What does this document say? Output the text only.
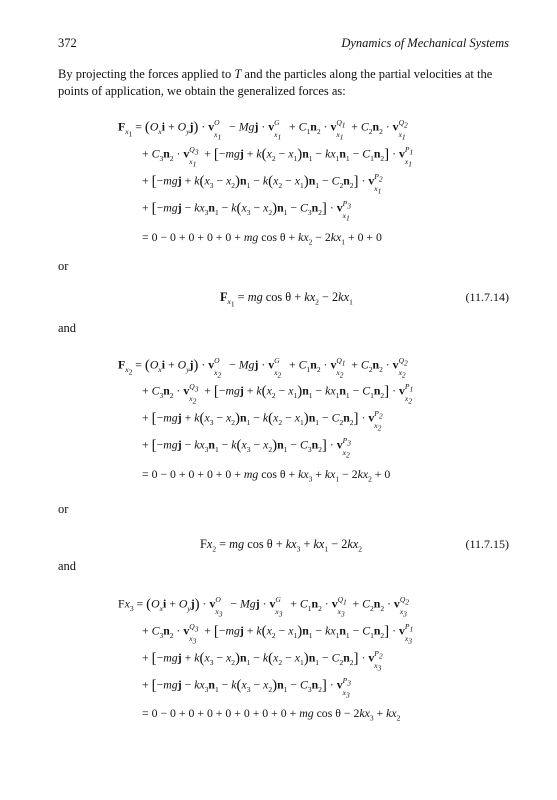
372	Dynamics of Mechanical Systems
By projecting the forces applied to T and the particles along the partial velocities at the points of application, we obtain the generalized forces as:
$F_{x_1} = (O_xi + O_yj) \cdot v$ O
$x_1$
− Mgj · v G
$x_1$
+ $C_1n_2 \cdot v$ $Q_1$
$x_1$
+ $C_2n_2 \cdot v$ $Q_2$
$x_1$
+ $C_3n_2 \cdot v$ $Q_3$
$x_1$
+ $[-mgj + k(x_2 - x_1)n_1 - kx_1n_1 - C_1n_2] \cdot v$ $P_1$
$x_1$
+ $[-mgj + k(x_3 - x_2)n_1 - k(x_2 - x_1)n_1 - C_2n_2] \cdot v$ $P_2$
$x_1$
+ $[-mgj - kx_3n_1 - k(x_3 - x_2)n_1 - C_3n_2] \cdot v$ $P_3$
$x_1$
= 0 − 0 + 0 + 0 + 0 + mg $\cos \theta + kx_2 - 2kx_1 + 0 + 0$
or
$F_{x_1}$ = mg $\cos \theta + kx_2 - 2kx_1$	(11.7.14)
and
$F_{x_2} = (O_xi + O_yj) \cdot v$ O
$x_2$
− Mgj · v G
$x_2$
+ $C_1n_2 \cdot v$ $Q_1$
$x_2$
+ $C_2n_2 \cdot v$ $Q_2$
$x_2$
+ $C_3n_2 \cdot v$ $Q_3$
$x_2$
+ $[-mgj + k(x_2 - x_1)n_1 - kx_1n_1 - C_1n_2] \cdot v$ $P_1$
$x_2$
+ $[-mgj + k(x_3 - x_2)n_1 - k(x_2 - x_1)n_1 - C_2n_2] \cdot v$ $P_2$
$x_2$
+ $[-mgj - kx_3n_1 - k(x_3 - x_2)n_1 - C_3n_2] \cdot v$ $P_3$
$x_2$
= 0 − 0 + 0 + 0 + 0 + mg $\cos \theta + kx_3 + kx_1 - 2kx_2 + 0$
or
$Fx_2$ = mg $\cos \theta + kx_3 + kx_1 - 2kx_2$	(11.7.15)
and
$Fx_3 = (O_xi + O_yj) \cdot v$ O
$x_3$
− Mgj · v G
$x_3$
+ $C_1n_2 \cdot v$ $Q_1$
$x_3$
+ $C_2n_2 \cdot v$ $Q_2$
$x_3$
+ $C_3n_2 \cdot v$ $Q_3$
$x_3$
+ $[-mgj + k(x_2 - x_1)n_1 - kx_1n_1 - C_1n_2] \cdot v$ $P_1$
$x_3$
+ $[-mgj + k(x_3 - x_2)n_1 - k(x_2 - x_1)n_1 - C_2n_2] \cdot v$ $P_2$
$x_3$
+ $[-mgj - kx_3n_1 - k(x_3 - x_2)n_1 - C_3n_2] \cdot v$ $P_3$
$x_3$
= 0 − 0 + 0 + 0 + 0 + 0 + 0 + 0 + mg $\cos \theta - 2kx_3 + kx_2$
